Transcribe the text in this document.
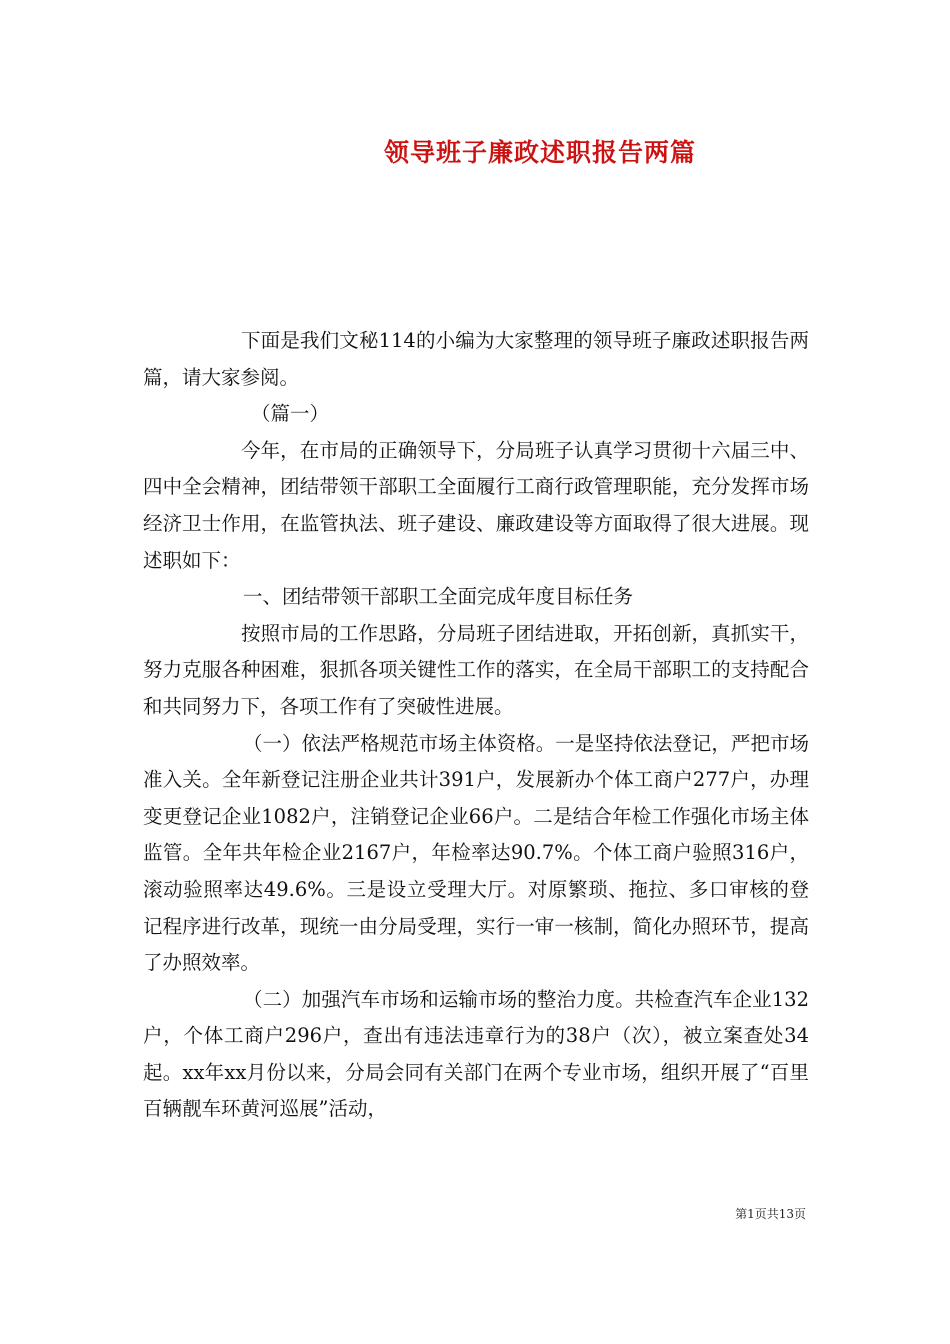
领导班子廉政述职报告两篇

下面是我们文秘114的小编为大家整理的领导班子廉政述职报告两篇，请大家参阅。

（篇一）

今年，在市局的正确领导下，分局班子认真学习贯彻十六届三中、四中全会精神，团结带领干部职工全面履行工商行政管理职能，充分发挥市场经济卫士作用，在监管执法、班子建设、廉政建设等方面取得了很大进展。现述职如下：

一、团结带领干部职工全面完成年度目标任务

按照市局的工作思路，分局班子团结进取，开拓创新，真抓实干，努力克服各种困难，狠抓各项关键性工作的落实，在全局干部职工的支持配合和共同努力下，各项工作有了突破性进展。

（一）依法严格规范市场主体资格。一是坚持依法登记，严把市场准入关。全年新登记注册企业共计391户，发展新办个体工商户277户，办理变更登记企业1082户，注销登记企业66户。二是结合年检工作强化市场主体监管。全年共年检企业2167户，年检率达90.7%。个体工商户验照316户，滚动验照率达49.6%。三是设立受理大厅。对原繁琐、拖拉、多口审核的登记程序进行改革，现统一由分局受理，实行一审一核制，简化办照环节，提高了办照效率。

（二）加强汽车市场和运输市场的整治力度。共检查汽车企业132户，个体工商户296户，查出有违法违章行为的38户（次），被立案查处34起。xx年xx月份以来，分局会同有关部门在两个专业市场，组织开展了“百里百辆靓车环黄河巡展”活动，

第1页共13页
